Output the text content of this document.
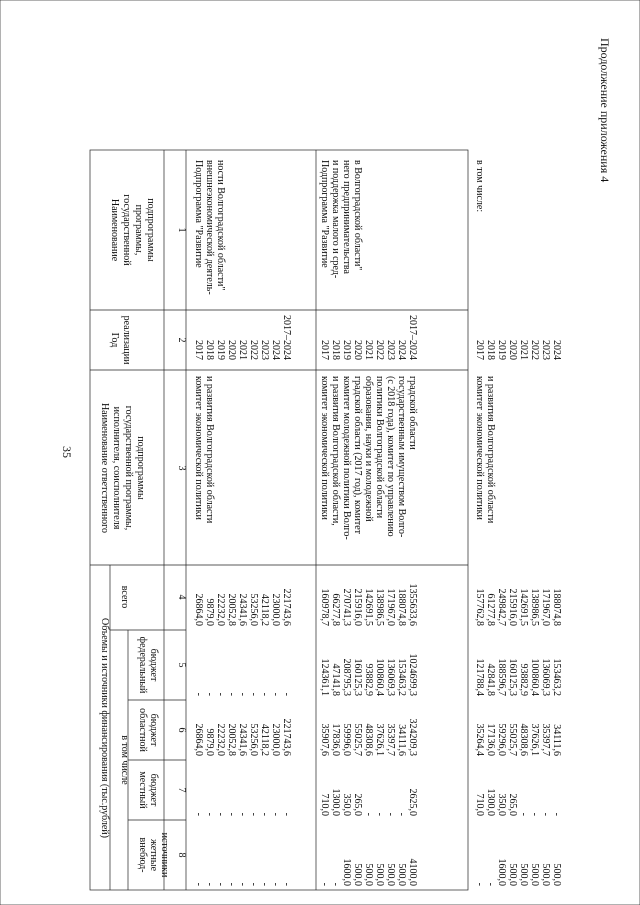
35
Продолжение приложения 4
Наименование государственной программы, подпрограммы
Год реализации
Наименование ответственного исполнителя, соисполнителя государственной программы, подпрограммы
Объемы и источники финансирования (тыс.рублей)
всего
в том числе
федеральный бюджет
областной бюджет
местный бюджет
внебюд- жетные источники
1
2
3
4
5
6
7
8
Подпрограмма "Развитие внешнеэкономической деятель- ности Волгоградской области"
комитет экономической политики и развития Волгоградской области
2017
26864,0
-
26864,0
-
-
2018
9879,0
-
9879,0
-
-
2019
22232,0
-
22232,0
-
-
2020
20052,8
-
20052,8
-
-
2021
24341,6
-
24341,6
-
-
2022
53256,0
-
53256,0
-
-
2023
42118,2
-
42118,2
-
-
2024
23000,0
-
23000,0
-
-
2017–2024
221743,6
-
221743,6
-
-
Подпрограмма "Развитие и поддержка малого и сред- него предпринимательства в Волгоградской области"
комитет экономической политики и развития Волгоградской области, комитет молодежной политики Волго- градской области (2017 год), комитет образования, науки и молодежной политики Волгоградской области (с 2018 года), комитет по управлению государственным имуществом Волго- градской области
2017
160978,7
124361,1
35907,6
710,0
-
2018
66277,8
47141,8
17836,0
1300,0
-
2019
270741,3
208795,3
59996,0
350,0
1600,0
2020
215916,0
160125,3
55025,7
265,0
500,0
2021
142691,5
93882,9
48308,6
-
500,0
2022
138986,5
100860,4
37626,1
-
500,0
2023
171967,0
136069,3
35397,7
-
500,0
2024
188074,8
153463,2
34111,6
-
500,0
2017–2024
1355633,6
1024699,3
324209,3
2625,0
4100,0
в том числе:
комитет экономической политики и развития Волгоградской области
2017
157762,8
121788,4
35264,4
710,0
-
2018
61277,8
42841,8
17136,0
1300,0
-
2019
249842,7
188596,7
59296,0
350,0
1600,0
2020
215916,0
160125,3
55025,7
265,0
500,0
2021
142691,5
93882,9
48308,6
-
500,0
2022
138986,5
100860,4
37626,1
-
500,0
2023
171967,0
136069,3
35397,7
-
500,0
2024
188074,8
153463,2
34111,6
-
500,0
